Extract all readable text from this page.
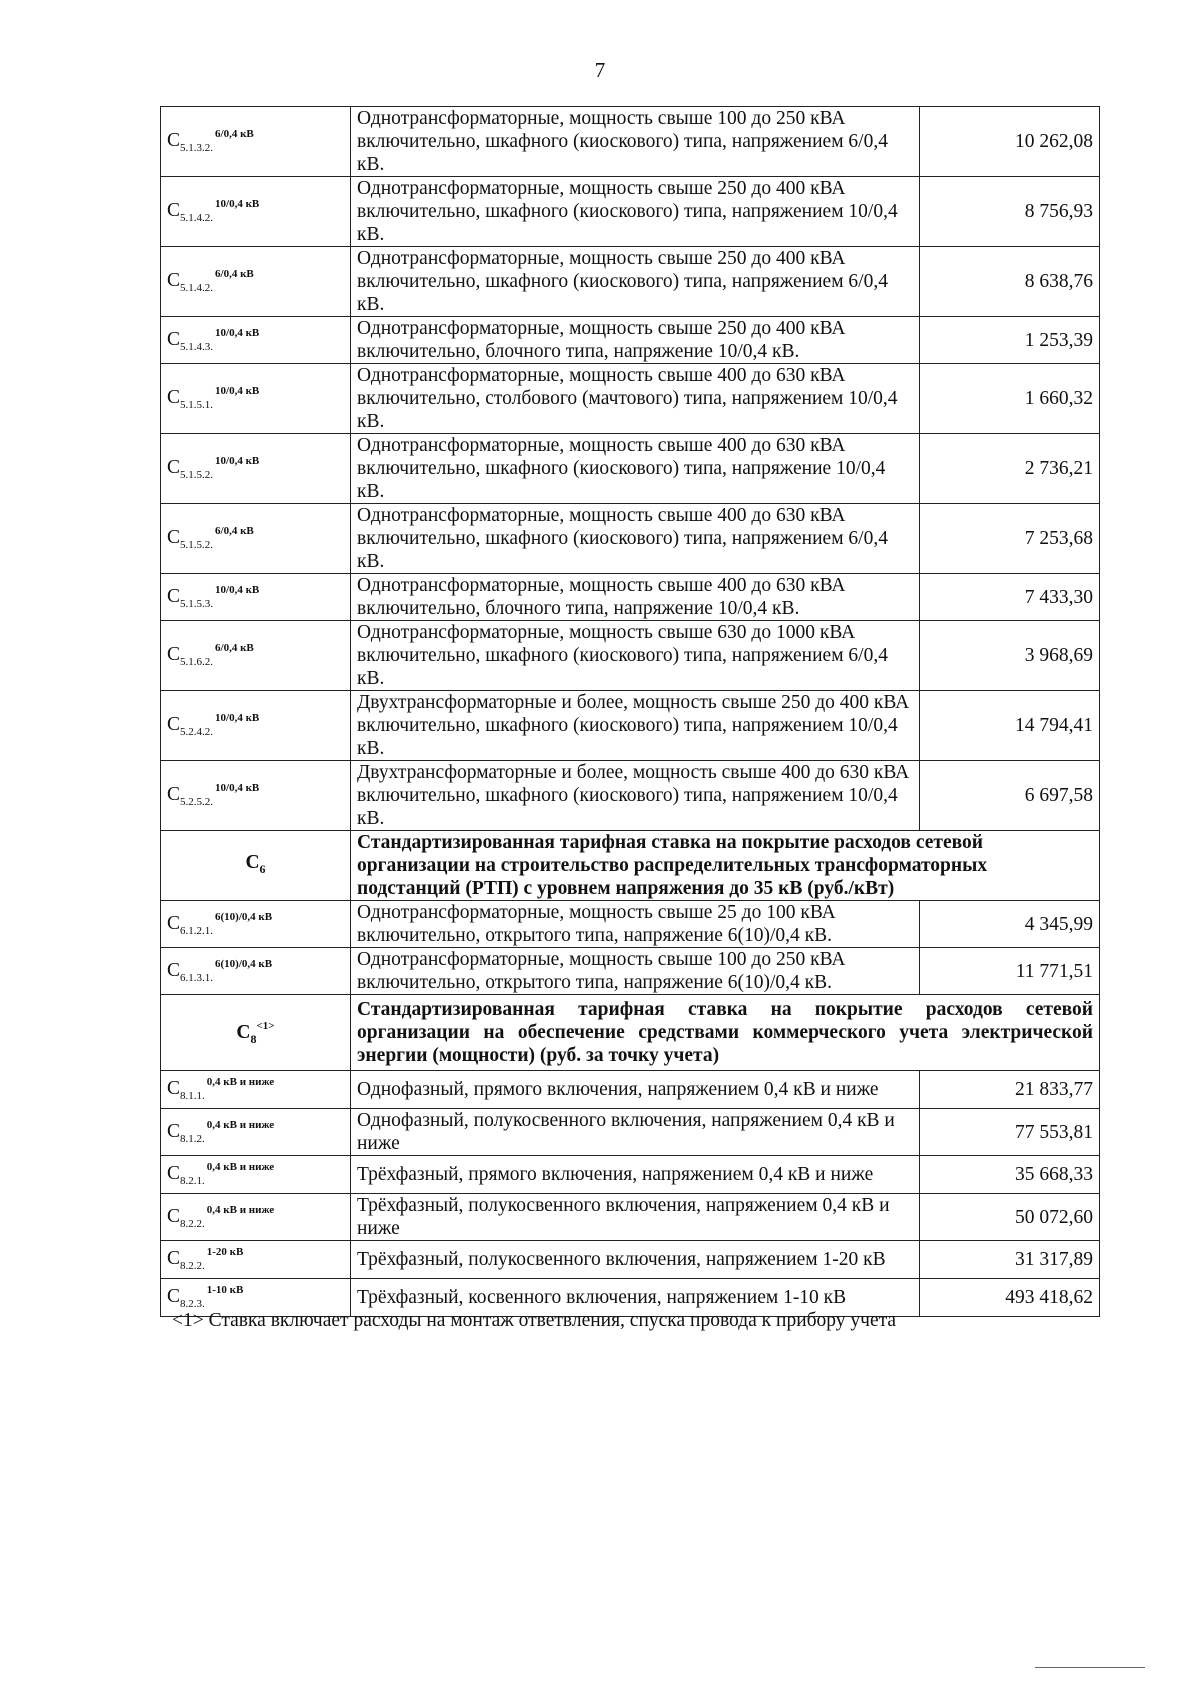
7
$C_{5.1.3.2.}^{6/0,4 кВ}$	Однотрансформаторные, мощность свыше 100 до 250 кВА включительно, шкафного (киоскового) типа, напряжением 6/0,4 кВ.	10 262,08
$C_{5.1.4.2.}^{10/0,4 кВ}$	Однотрансформаторные, мощность свыше 250 до 400 кВА включительно, шкафного (киоскового) типа, напряжением 10/0,4 кВ.	8 756,93
$C_{5.1.4.2.}^{6/0,4 кВ}$	Однотрансформаторные, мощность свыше 250 до 400 кВА включительно, шкафного (киоскового) типа, напряжением 6/0,4 кВ.	8 638,76
$C_{5.1.4.3.}^{10/0,4 кВ}$	Однотрансформаторные, мощность свыше 250 до 400 кВА включительно, блочного типа, напряжение 10/0,4 кВ.	1 253,39
$C_{5.1.5.1.}^{10/0,4 кВ}$	Однотрансформаторные, мощность свыше 400 до 630 кВА включительно, столбового (мачтового) типа, напряжением 10/0,4 кВ.	1 660,32
$C_{5.1.5.2.}^{10/0,4 кВ}$	Однотрансформаторные, мощность свыше 400 до 630 кВА включительно, шкафного (киоскового) типа, напряжение 10/0,4 кВ.	2 736,21
$C_{5.1.5.2.}^{6/0,4 кВ}$	Однотрансформаторные, мощность свыше 400 до 630 кВА включительно, шкафного (киоскового) типа, напряжением 6/0,4 кВ.	7 253,68
$C_{5.1.5.3.}^{10/0,4 кВ}$	Однотрансформаторные, мощность свыше 400 до 630 кВА включительно, блочного типа, напряжение 10/0,4 кВ.	7 433,30
$C_{5.1.6.2.}^{6/0,4 кВ}$	Однотрансформаторные, мощность свыше 630 до 1000 кВА включительно, шкафного (киоскового) типа, напряжением 6/0,4 кВ.	3 968,69
$C_{5.2.4.2.}^{10/0,4 кВ}$	Двухтрансформаторные и более, мощность свыше 250 до 400 кВА включительно, шкафного (киоскового) типа, напряжением 10/0,4 кВ.	14 794,41
$C_{5.2.5.2.}^{10/0,4 кВ}$	Двухтрансформаторные и более, мощность свыше 400 до 630 кВА включительно, шкафного (киоскового) типа, напряжением 10/0,4 кВ.	6 697,58
$C_6$	Стандартизированная тарифная ставка на покрытие расходов сетевой организации на строительство распределительных трансформаторных подстанций (РТП) с уровнем напряжения до 35 кВ (руб./кВт)	
$C_{6.1.2.1.}^{6(10)/0,4 кВ}$	Однотрансформаторные, мощность свыше 25 до 100 кВА включительно, открытого типа, напряжение 6(10)/0,4 кВ.	4 345,99
$C_{6.1.3.1.}^{6(10)/0,4 кВ}$	Однотрансформаторные, мощность свыше 100 до 250 кВА включительно, открытого типа, напряжение 6(10)/0,4 кВ.	11 771,51
$C_8^{<1>}$	Стандартизированная тарифная ставка на покрытие расходов сетевой организации на обеспечение средствами коммерческого учета электрической энергии (мощности) (руб. за точку учета)	
$C_{8.1.1.}^{0,4 кВ и ниже}$	Однофазный, прямого включения, напряжением 0,4 кВ и ниже	21 833,77
$C_{8.1.2.}^{0,4 кВ и ниже}$	Однофазный, полукосвенного включения, напряжением 0,4 кВ и ниже	77 553,81
$C_{8.2.1.}^{0,4 кВ и ниже}$	Трёхфазный, прямого включения, напряжением 0,4 кВ и ниже	35 668,33
$C_{8.2.2.}^{0,4 кВ и ниже}$	Трёхфазный, полукосвенного включения, напряжением 0,4 кВ и ниже	50 072,60
$C_{8.2.2.}^{1-20 кВ}$	Трёхфазный, полукосвенного включения, напряжением 1-20 кВ	31 317,89
$C_{8.2.3.}^{1-10 кВ}$	Трёхфазный, косвенного включения, напряжением 1-10 кВ	493 418,62
<1> Ставка включает расходы на монтаж ответвления, спуска провода к прибору учета
